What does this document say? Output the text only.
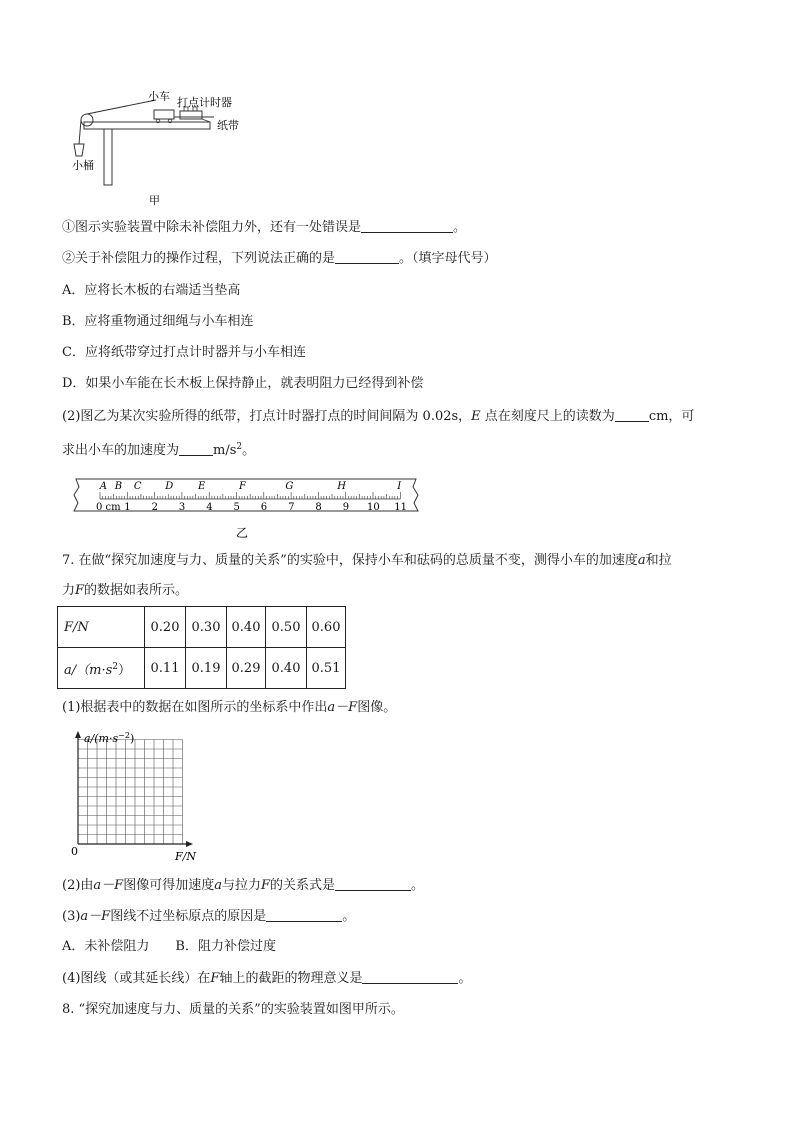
小车 打点计时器
纸带
小桶
甲
①图示实验装置中除未补偿阻力外，还有一处错误是	。
②关于补偿阻力的操作过程，下列说法正确的是	。（填字母代号）
A．应将长木板的右端适当垫高
B．应将重物通过细绳与小车相连
C．应将纸带穿过打点计时器并与小车相连
D．如果小车能在长木板上保持静止，就表明阻力已经得到补偿
(2)图乙为某次实验所得的纸带，打点计时器打点的时间间隔为 0.02s，E 点在刻度尺上的读数为	cm，可
求出小车的加速度为	$m/s^2$。
A B C D E	F	G	H	I
0 cm 1 2 3 4 5 6 7 8 9 10 11
乙
7. 在做“探究加速度与力、质量的关系”的实验中，保持小车和砝码的总质量不变，测得小车的加速度a和拉
力F的数据如表所示。
F/N	0.20	0.30	0.40	0.50	0.60
$a/(m\cdot s^2)$	0.11	0.19	0.29	0.40	0.51
(1)根据表中的数据在如图所示的坐标系中作出a－F图像。
$a/(m\cdot s^{-2})$
0	F/N
(2)由a－F图像可得加速度a与拉力F的关系式是	。
(3)a－F图线不过坐标原点的原因是	。
A．未补偿阻力　　B．阻力补偿过度
(4)图线（或其延长线）在F轴上的截距的物理意义是	。
8. “探究加速度与力、质量的关系”的实验装置如图甲所示。
